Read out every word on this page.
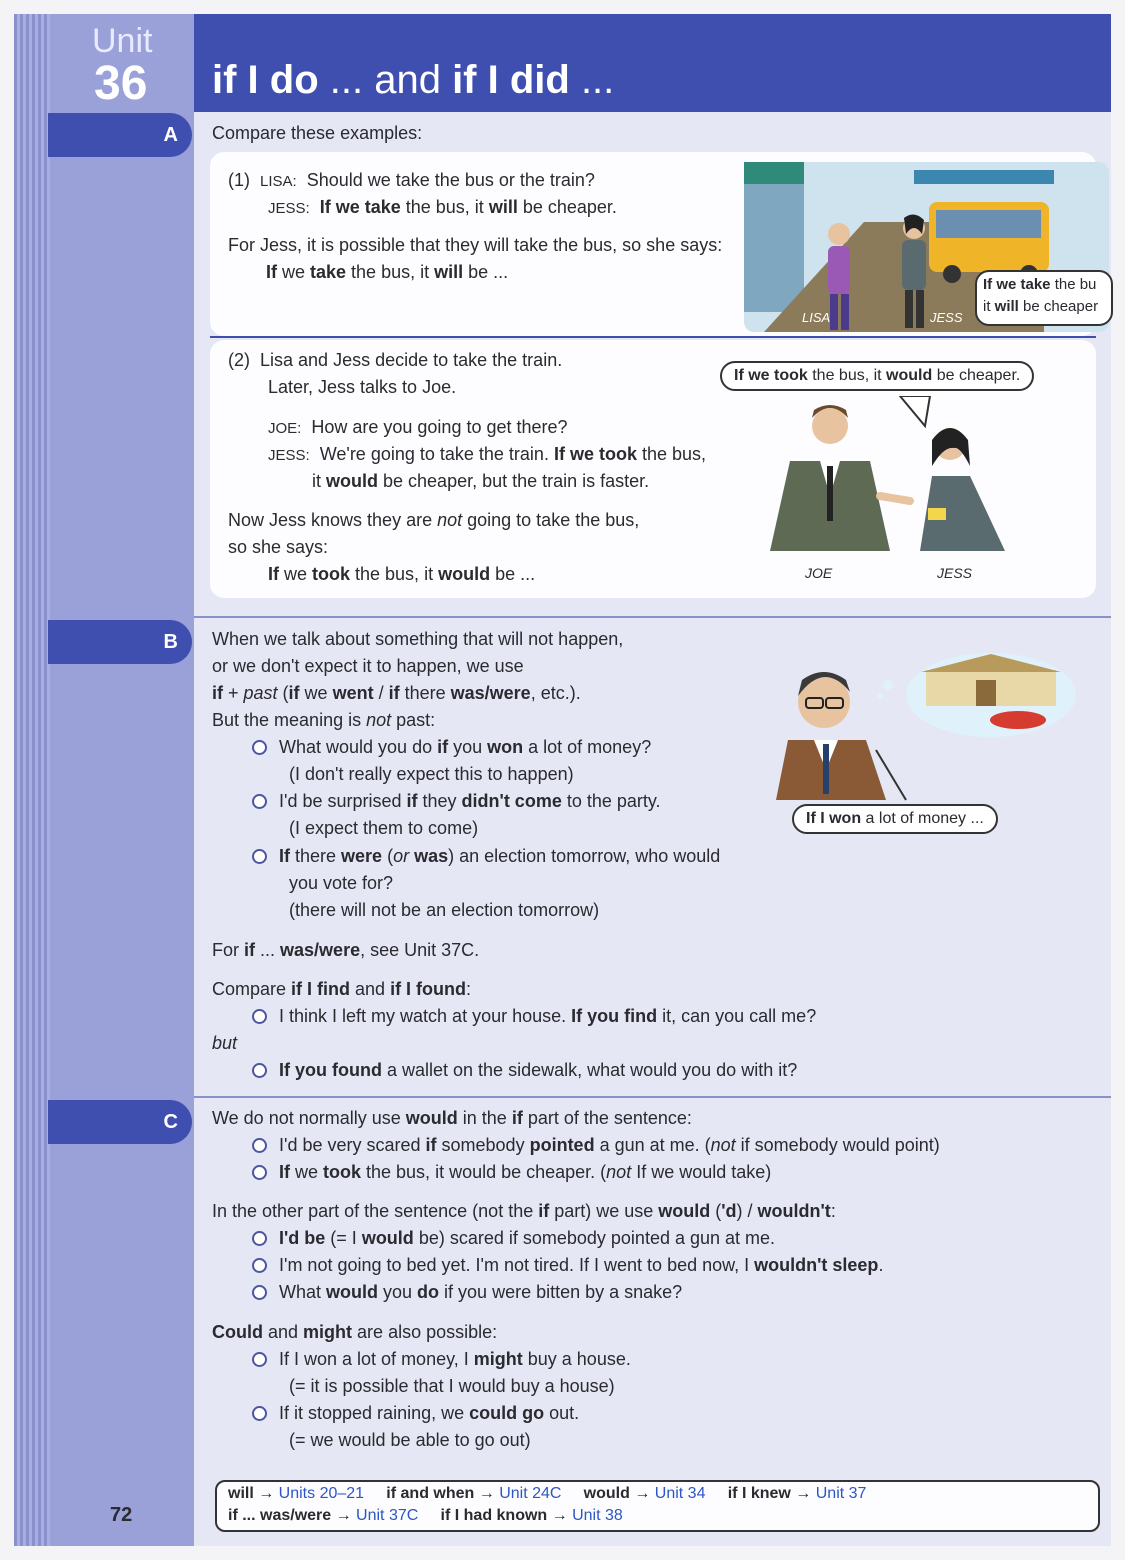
Unit
36 if I do ... and if I did ...
A	Compare these examples:
(1) LISA: Should we take the bus or the train?
JESS: If we take the bus, it will be cheaper.
For Jess, it is possible that they will take the bus, so she says:
If we take the bus, it will be ...
LISA	JESS
If we take the bu
it will be cheaper
(2) Lisa and Jess decide to take the train.
Later, Jess talks to Joe.
JOE: How are you going to get there?
JESS: We're going to take the train. If we took the bus,
it would be cheaper, but the train is faster.
Now Jess knows they are not going to take the bus,
so she says:
If we took the bus, it would be ...
If we took the bus, it would be cheaper.
JOE	JESS
B	When we talk about something that will not happen,
or we don't expect it to happen, we use
if + past (if we went / if there was/were, etc.).
But the meaning is not past:
What would you do if you won a lot of money?
(I don't really expect this to happen)
I'd be surprised if they didn't come to the party.
(I expect them to come)
If there were (or was) an election tomorrow, who would
you vote for?
(there will not be an election tomorrow)
If I won a lot of money ...
For if ... was/were, see Unit 37C.
Compare if I find and if I found:
I think I left my watch at your house. If you find it, can you call me?
but
If you found a wallet on the sidewalk, what would you do with it?
C	We do not normally use would in the if part of the sentence:
I'd be very scared if somebody pointed a gun at me. (not if somebody would point)
If we took the bus, it would be cheaper. (not If we would take)
In the other part of the sentence (not the if part) we use would ('d) / wouldn't:
I'd be (= I would be) scared if somebody pointed a gun at me.
I'm not going to bed yet. I'm not tired. If I went to bed now, I wouldn't sleep.
What would you do if you were bitten by a snake?
Could and might are also possible:
If I won a lot of money, I might buy a house.
(= it is possible that I would buy a house)
If it stopped raining, we could go out.
(= we would be able to go out)
will → Units 20–21 if and when → Unit 24C would → Unit 34 if I knew → Unit 37
if ... was/were → Unit 37C if I had known → Unit 38
72
